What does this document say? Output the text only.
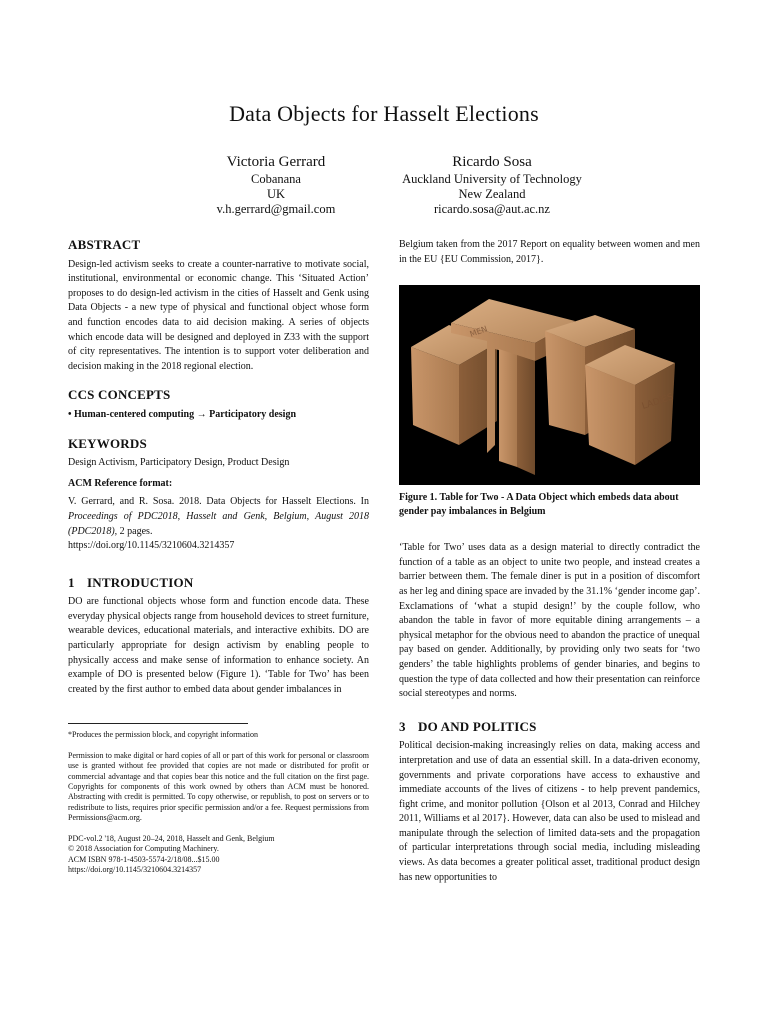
Data Objects for Hasselt Elections
Victoria Gerrard
Cobanana
UK
v.h.gerrard@gmail.com
Ricardo Sosa
Auckland University of Technology
New Zealand
ricardo.sosa@aut.ac.nz
ABSTRACT

Design-led activism seeks to create a counter-narrative to motivate social, institutional, environmental or economic change. This ‘Situated Action’ proposes to do design-led activism in the cities of Hasselt and Genk using Data Objects - a new type of physical and functional object whose form and function encodes data to aid decision making. A series of objects which encode data will be designed and deployed in Z33 with the support of city representatives. The intention is to support voter deliberation and decision making in the 2018 regional election.

CCS CONCEPTS
• Human-centered computing → Participatory design
KEYWORDS
Design Activism, Participatory Design, Product Design
ACM Reference format:

V. Gerrard, and R. Sosa. 2018. Data Objects for Hasselt Elections. In Proceedings of PDC2018, Hasselt and Genk, Belgium, August 2018 (PDC2018), 2 pages.

https://doi.org/10.1145/3210604.3214357
1 INTRODUCTION

DO are functional objects whose form and function encode data. These everyday physical objects range from household devices to street furniture, wearable devices, educational materials, and interactive exhibits. DO are particularly appropriate for design activism by enabling people to physically access and make sense of information to enhance society. An example of DO is presented below (Figure 1). ‘Table for Two’ has been created by the first author to embed data about gender imbalances in

*Produces the permission block, and copyright information
Permission to make digital or hard copies of all or part of this work for personal or classroom use is granted without fee provided that copies are not made or distributed for profit or commercial advantage and that copies bear this notice and the full citation on the first page. Copyrights for components of this work owned by others than ACM must be honored. Abstracting with credit is permitted. To copy otherwise, or republish, to post on servers or to redistribute to lists, requires prior specific permission and/or a fee. Request permissions from Permissions@acm.org.
PDC-vol.2 '18, August 20–24, 2018, Hasselt and Genk, Belgium
© 2018 Association for Computing Machinery.
ACM ISBN 978-1-4503-5574-2/18/08...$15.00
https://doi.org/10.1145/3210604.3214357

Belgium taken from the 2017 Report on equality between women and men in the EU {EU Commission, 2017}.

MEN
LADIES
Figure 1. Table for Two - A Data Object which embeds data about gender pay imbalances in Belgium

‘Table for Two’ uses data as a design material to directly contradict the function of a table as an object to unite two people, and instead creates a barrier between them. The female diner is put in a position of discomfort as her leg and dining space are invaded by the 31.1% ‘gender income gap’. Exclamations of ‘what a stupid design!’ by the couple follow, who abandon the table in favor of more equitable dining arrangements – a physical metaphor for the obvious need to abandon the practice of unequal pay based on gender. Additionally, by providing only two seats for ‘two genders’ the table highlights problems of gender binaries, and begins to question the type of data collected and how their presentation can reinforce social stereotypes and norms.

3 DO AND POLITICS

Political decision-making increasingly relies on data, making access and interpretation and use of data an essential skill. In a data-driven economy, governments and private corporations have access to exhaustive and immediate accounts of the lives of citizens - to help prevent pandemics, fight crime, and monitor pollution {Olson et al 2013, Conrad and Hilchey 2011, Williams et al 2017}. However, data can also be used to mislead and manipulate through the selection of limited data-sets and the propagation of particular interpretations through social media, including misleading views. As data becomes a greater political asset, traditional product design has new opportunities to
